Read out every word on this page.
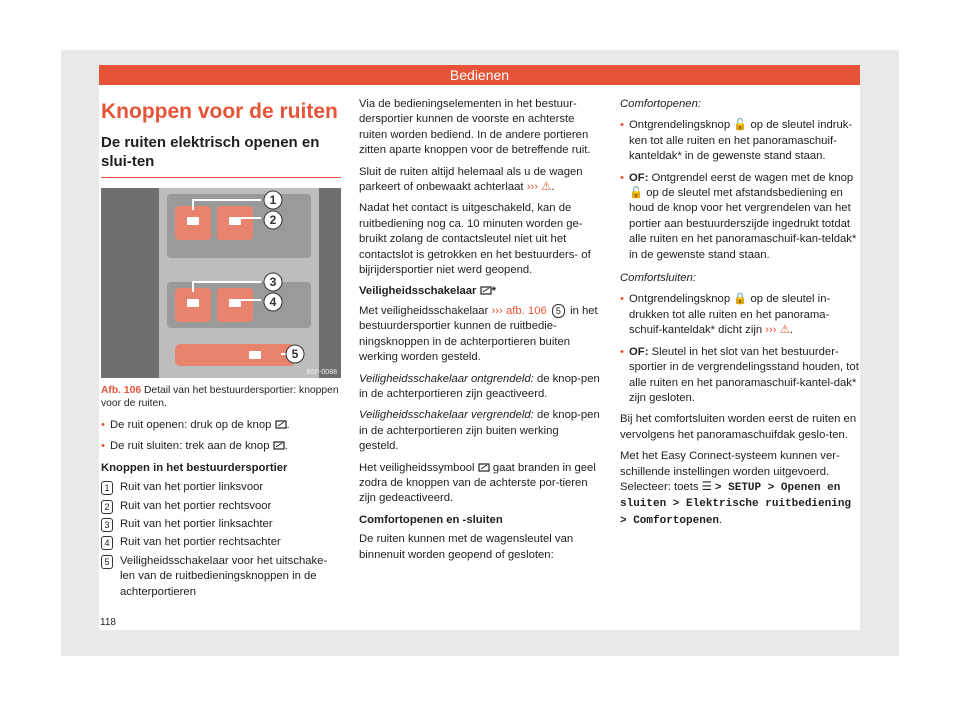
Bedienen
Knoppen voor de ruiten
De ruiten elektrisch openen en slui-ten
1
2
3
4
5
B6F-0088
Afb. 106 Detail van het bestuurdersportier: knoppen voor de ruiten.
• De ruit openen: druk op de knop .
• De ruit sluiten: trek aan de knop .
Knoppen in het bestuurdersportier
1 Ruit van het portier linksvoor
2 Ruit van het portier rechtsvoor
3 Ruit van het portier linksachter
4 Ruit van het portier rechtsachter
5 Veiligheidsschakelaar voor het uitschake-len van de ruitbedieningsknoppen in de achterportieren

Via de bedieningselementen in het bestuur-dersportier kunnen de voorste en achterste ruiten worden bediend. In de andere portieren zitten aparte knoppen voor de betreffende ruit.

Sluit de ruiten altijd helemaal als u de wagen parkeert of onbewaakt achterlaat ››› ⚠.

Nadat het contact is uitgeschakeld, kan de ruitbediening nog ca. 10 minuten worden ge-bruikt zolang de contactsleutel niet uit het contactslot is getrokken en het bestuurders- of bijrijdersportier niet werd geopend.

Veiligheidsschakelaar *

Met veiligheidsschakelaar ››› afb. 106 5 in het bestuurdersportier kunnen de ruitbedie-ningsknoppen in de achterportieren buiten werking worden gesteld.

Veiligheidsschakelaar ontgrendeld: de knop-pen in de achterportieren zijn geactiveerd.

Veiligheidsschakelaar vergrendeld: de knop-pen in de achterportieren zijn buiten werking gesteld.

Het veiligheidssymbool gaat branden in geel zodra de knoppen van de achterste por-tieren zijn gedeactiveerd.

Comfortopenen en -sluiten

De ruiten kunnen met de wagensleutel van binnenuit worden geopend of gesloten:

Comfortopenen:

• Ontgrendelingsknop 🔓 op de sleutel indruk-ken tot alle ruiten en het panoramaschuif-kanteldak* in de gewenste stand staan.
• OF: Ontgrendel eerst de wagen met de knop 🔓 op de sleutel met afstandsbediening en houd de knop voor het vergrendelen van het portier aan bestuurderszijde ingedrukt totdat alle ruiten en het panoramaschuif-kan-teldak* in de gewenste stand staan.

Comfortsluiten:

• Ontgrendelingsknop 🔒 op de sleutel in-drukken tot alle ruiten en het panorama-schuif-kanteldak* dicht zijn ››› ⚠.
• OF: Sleutel in het slot van het bestuurder-sportier in de vergrendelingsstand houden, tot alle ruiten en het panoramaschuif-kantel-dak* zijn gesloten.

Bij het comfortsluiten worden eerst de ruiten en vervolgens het panoramaschuifdak geslo-ten.

Met het Easy Connect-systeem kunnen ver-schillende instellingen worden uitgevoerd. Selecteer: toets ☰ > SETUP > Openen en sluiten > Elektrische ruitbediening > Comfortopenen.

118
